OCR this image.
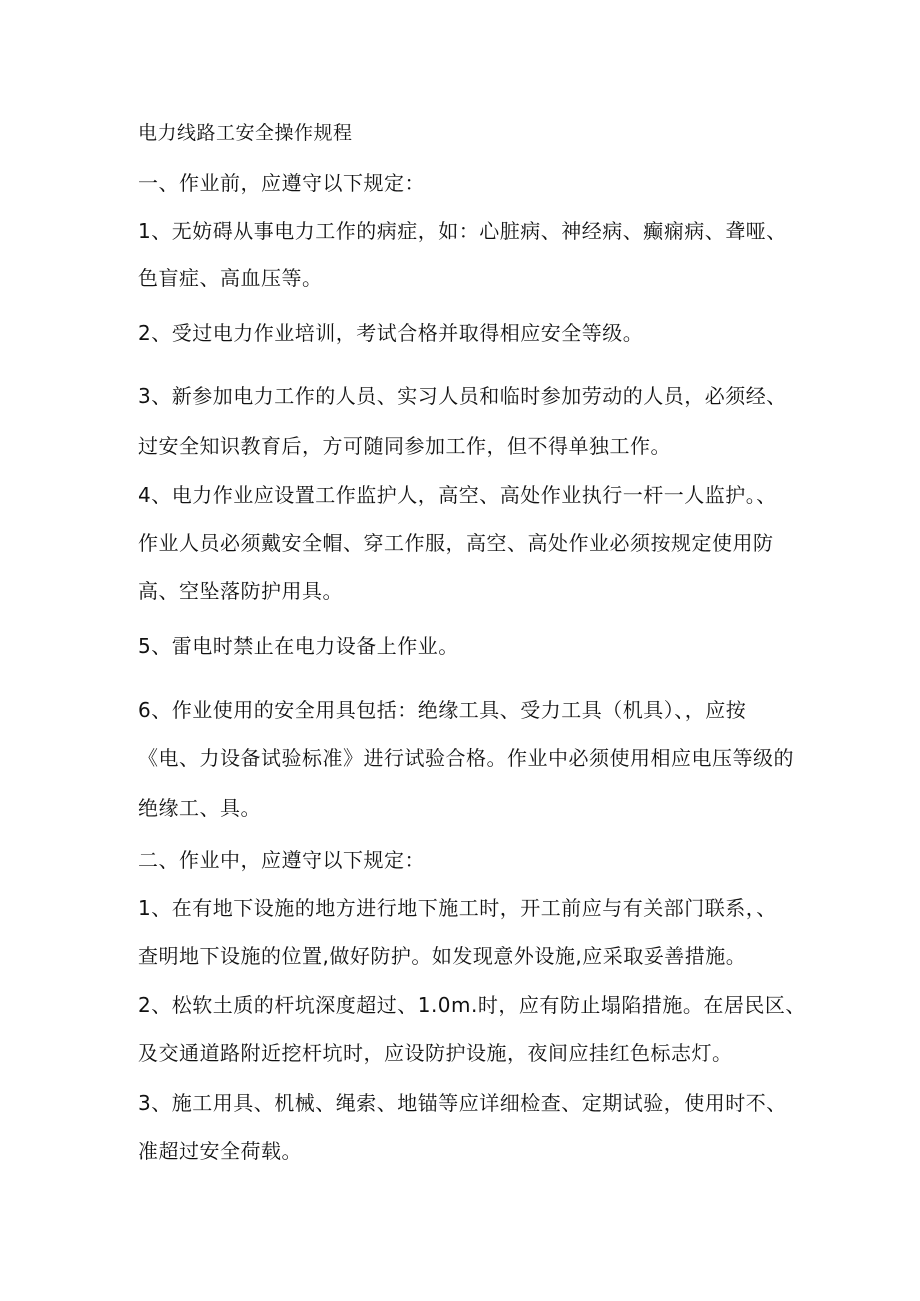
电力线路工安全操作规程
一、作业前，应遵守以下规定：
1、无妨碍从事电力工作的病症，如：心脏病、神经病、癫痫病、聋哑、
色盲症、高血压等。
2、受过电力作业培训，考试合格并取得相应安全等级。
3、新参加电力工作的人员、实习人员和临时参加劳动的人员，必须经、
过安全知识教育后，方可随同参加工作，但不得单独工作。
4、电力作业应设置工作监护人，高空、高处作业执行一杆一人监护。、
作业人员必须戴安全帽、穿工作服，高空、高处作业必须按规定使用防
高、空坠落防护用具。
5、雷电时禁止在电力设备上作业。
6、作业使用的安全用具包括：绝缘工具、受力工具（机具）、，应按
《电、力设备试验标准》进行试验合格。作业中必须使用相应电压等级的
绝缘工、具。
二、作业中，应遵守以下规定：
1、在有地下设施的地方进行地下施工时，开工前应与有关部门联系，、
查明地下设施的位置,做好防护。如发现意外设施,应采取妥善措施。
2、松软土质的杆坑深度超过、1.0m.时，应有防止塌陷措施。在居民区、
及交通道路附近挖杆坑时，应设防护设施，夜间应挂红色标志灯。
3、施工用具、机械、绳索、地锚等应详细检查、定期试验，使用时不、
准超过安全荷载。
